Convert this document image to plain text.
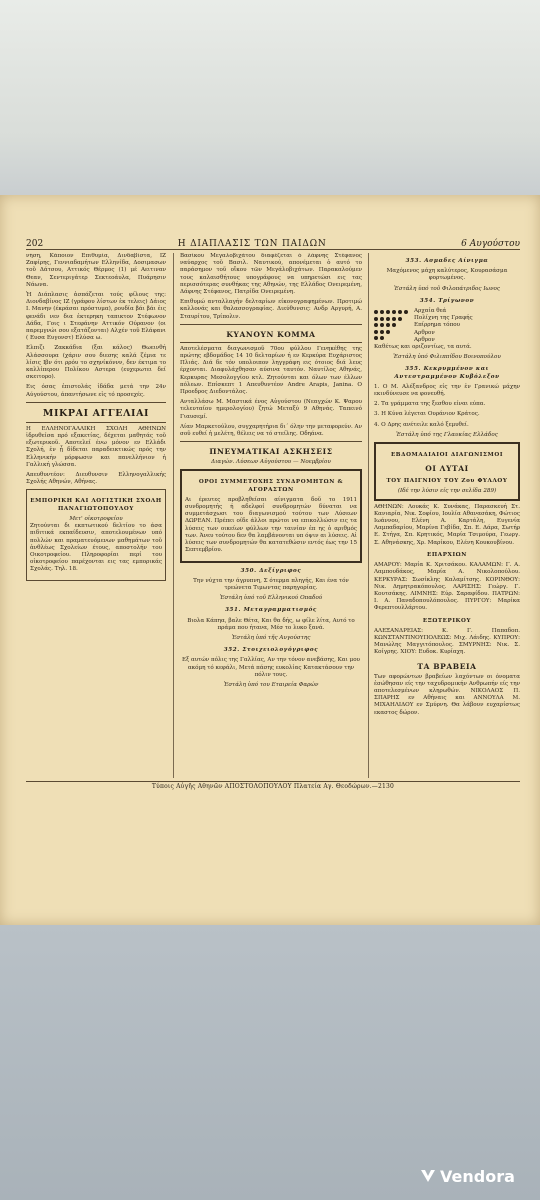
202	Η ΔΙΑΠΛΑΣΙΣ ΤΩΝ ΠΑΙΔΩΝ	6 Αυγούστου

νήση, Κάποιον Επιθυμία, Δινδαβίστα, ΙΖ Ζαφίρης, Γεννιαδαμήτων Ελληνίδα, Δοσιμασων τοῦ Δάτσου, Αττικός Θέρμος (1) μέ Αειτιναν Θεαν, Σεντεριγάτερ Σεκτεοάυλα, Πυάρησιν Νάωνα.

Ἡ Διάπλασις ἀσπάζεται τούς φίλους της: Διονδαβίνος ΙΖ (γράφου λίστων ἐκ τελεις) Δάιος Ι. Μανην (έκράσαι πρόστυμα), ρουδία βάι βάι ἐις φενάδι νεν δια ἐκτερηκη ταπικτον Στέφωνον Δάδα, Γοις ι Στεφάνην Αττικόν Ούρανον (οι παρεμγνώι σου εξατάζονται) Αλχέν τοῦ Ελάφανι ( Ευσα Ευγονστ) Ελύσα ω.

Ελπιζι Ζακκάδια (ξαι κάλος) Θωεινθή Αλάσσουρα (χάριν σου διεσης καλά ζέμια τε λίσις Ιβν ότι ρρόυ το σχηνίκόννν, δεν έκτιμα το καλλίπερου Πολίκου Αστερα (ευχερωτει δεί σκειτορο).

Εις όσας ἐπιστολάς ἰδάδα μετά την 24ν Αύγούστου, άπαντήσωνε εἰς τό προσεχές.

ΜΙΚΡΑΙ ΑΓΓΕΛΙΑΙ

Η ΕΛΛΗΝΟΓΑΛΛΙΚΗ ΣΧΟΛΗ ΑΘΗΝΩΝ ἱδρυθείσα πρό εξακετίας, δέχεται μαθητάς τοῦ εξωτερικοῦ. Αποτελεί ένω μόνον εν Ελλάδι Σχολή, ἐν ᾗ δίδεται παραδεικτικώς πρός την Ελληνικήν μόρφωσιν και πανελλήνιον ἡ Γαλλική γλώσσα.

Απευθυντέον: Διευθυνσιν Ελληνογαλλικής Σχολής Αθηνών, Αθήνας.

ΕΜΠΟΡΙΚΗ ΚΑΙ ΛΟΓΙΣΤΙΚΗ ΣΧΟΛΗ ΠΑΝΑΓΙΩΤΟΠΟΥΛΟΥ
Μετ' οἰκοτροφείου

Ζητούνται δι εκπτωτικού δελτίου το άσα πιδιτικά εκπαίδευσιν, αποτελουμένων υπό πολλών και πραματευόμενων μαθημάτων τοῦ ἀνθλέως Σχολείων έτους, αποστολήν του Οικοτροφείου. Πληροφορίαι περί του οἰκοτροφείου παρέχονται εις τας εμπορικάς Σχολάς. Τηλ. 18.

Βασίκου Μεγαλοβιχάτου διαφέζεται ὁ λάφνης Στέφανος ναύαρχος τοῦ Βασιλ. Ναυτικού, απονέμεται ὁ αυτό το παράσημον τοῦ οἴκου τῶν Μεγάλοβιχάτων. Παρακαλούμεν τους καλαισθήτους υπογράφους να υπηρετώσι εις τας περισσότερας συνθήκας της Αθηνών, της Ελλάδος Ονειρεμένη, Δάφνης Στέφανος, Πατρίδα Ονειρεμένη.

Επιθυμώ ανταλλαγήν δελταρίων είκονογραφημένων. Προτιμώ καλλονάς και θαλασσογραφίας. Διεύθυνσις: Ανδρ Αργυρή, Α. Σταυρίτου, Τρίπολιν.

ΚΥΑΝΟΥΝ ΚΟΜΜΑ

Αποτελέσματα διαγωνισμοῦ 70ου φύλλου Γενηκέθης της πρώτης εβδομάδος 14 10 δελταρίων ή εν Κερκύρα Ευχάριστος Πλιάς. Διά δε τόν υπολοιπον ληγγράφη εις ότοιος διά λευς έρχονται. Διαφυλάχθησαν αύσινα ταυτόν. Ναυτίλος Αθηνάς, Κερκυρας Μεσολογγίου κτλ. Ζητούνται και όλων των έλλων πόλεων. Επίσκεπτ 1 Απευθυντέον Andre Arapis, Janina. Ο Προεδρος Διεδοντάλος.

Ανταλλάσω Μ. Μαστικά ένος Αὐγούστου (Νεαγχών Κ. Ψαρου τελευταίου ημερολογίου) ζητώ Μεταξύ 9 Αθηνάς. Ταπεινό Γιαυσεμί.

Λίαν Μαρκετούλου, συγχαρητήρια δι΄ όλην την μεταφορεύν. Αν σοῦ ευθεί ἡ μελέτη, θέλεις να τό στείλης. Οδηάνα.

ΠΝΕΥΜΑΤΙΚΑΙ ΑΣΚΗΣΕΙΣ
Διαγών. Λύσεων Αὐγούστου — Νοεμβρίου
ΟΡΟΙ ΣΥΜΜΕΤΟΧΗΣ ΣΥΝΔΡΟΜΗΤΩΝ & ΑΓΟΡΑΣΤΩΝ

Αι έρευτες προβληθείσαι αίνιγματα δοῦ το 1911 συνδρομητής ή αδελφοί συνδρομητών δύναται να συμμετάσχωσι του διαγωνισμού τούτου των Λύσεων ΔΩΡΕΑΝ. Πρέπει οίδε άλλοι πρώτοι να επικολλώσιν εις τα λύσεις των οικείων φύλλων την ταινίαν ἐπ ης ὁ αριθμός των. Άνευ τούτου δεν θα λαμβάνονται υπ όψιν αι λύσεις. Αἱ λύσεις των συνδρομητών θα κατατεθώσιν εντός έως την 15 Σεπτεμβρίου.

350. Δεξίγριφος

Την νύχτα την άγρυπνη, Σ ότερμα πληγής, Και ένα τόν τρεώνετα Τιμωντας παρηγορίας.

Ἐστάλη ὑπό τοῦ Ελληνικού Οπαδού

351. Μεταγραμματισμός

Βιολα Κάπηα, βαλε Θέτα, Και θα δής, ω φίλε λίτα, Αυτό το πράμα που ήτανα, Μέσ το λυκο ξανά.

Ἐστάλη ὑπό τῆς Αυγούστης

352. Στοιχειολογόγριφος

Εξ αυτών πόλις της Γαλλίας, Αν την τόνον ανεβάσης, Και μου ακόμη τό κεφάλι, Μετά πάσης ευκολίας Κατακτάσουν την πόλιν τους.

Ἐστάλη ὑπό του Εταιρεία Φαρών

353. Ασμαδες Αίνιγμα

Μαχόμενος μάχη καλύτερος, Κουρασάσμα φορτωμένος.

Ἐστάλη ὑπό τοῦ Φιλοπάτριδος Ιωνος

354. Τρίγωνον
Αρχαία θεά
Πολίχνη της Γραφής
Επίρρημα τόπου
Αρθρον
Αρθρον

Καθέτως και οριζοντίως, τα αυτά.

Ἐστάλη ὑπό Φιλιππίδου Βοινοπούλου

355. Κεκρυμμένον και Αντεστραμμένον Κυβόλεξον

1. Ο Μ. Αλέξανδρος είς την ἐν Γρανικώ μάχην εκινδύνευσε να φονευθή.

2. Τα γράμματα της ξεσθου είναι εύπα.

3. Η Κύνα λέγεται Ουράνιον Κράτος.

4. Ο Δρης ανέτειλε καλό ξεμυθεί.

Ἐστάλη ὑπό της Γλαυκίας Ελλάδος

ΕΒΔΟΜΑΔΙΑΙΟΙ ΔΙΑΓΩΝΙΣΜΟΙ
ΟΙ ΛΥΤΑΙ
ΤΟΥ ΠΑΙΓΝΙΟΥ ΤΟΥ Ζου ΦΥΛΛΟΥ
(Ιδέ την λύσιν είς την σελίδα 289)

ΑΘΗΝΩΝ: Λουκάς Κ. Συνάκας, Παρασκευή Στ. Κανιαρία, Νικ. Σοφίου, Ιουλία Αθανασάκη, Φώτιος Ιωάννου, Ελένη Α. Καρτάλη, Ευγενία Λαμπαδαρίου, Μαρίνα Γεβίδα, Σπ. Ε. Δάρα, Σωτήρ Ε. Στήγα, Σπ. Κρητικός, Μαρία Τσιμούρα, Γεωργ. Σ. Αθηνάσκης, Χρ. Μαρίκου, Ελένη Κουκουβίνου.

ΕΠΑΡΧΙΩΝ

ΑΜΑΡΟΥ: Μαρία Κ. Χριτσάκου. ΚΑΛΑΜΩΝ: Γ. Α. Λαμπουδάκος, Μαρία Α. Νικολοπούλου. ΚΕΡΚΥΡΑΣ: Σωσίκλης Καλαμίτσης. ΚΟΡΙΝΘΟΥ: Νικ. Δημητρακόπουλος. ΛΑΡΙΣΗΣ: Γεώργ. Γ. Κουτσάκης. ΛΙΜΝΗΣ: Εύρ. Σαραφίδου. ΠΑΤΡΩΝ: Ι. Α. Παναδοπουλόπουλος. ΠΥΡΓΟΥ: Μαρίκα Φερεπτουλλάρτου.

ΕΞΩΤΕΡΙΚΟΥ

ΑΛΕΞΑΝΔΡΕΙΑΣ: Κ. Γ. Παπαδοπ. ΚΩΝΣΤΑΝΤΙΝΟΥΠΟΛΕΩΣ: Μιχ. Λάιδης. ΚΥΠΡΟΥ: Μανώλης Μαγγιτόπουλος. ΣΜΥΡΝΗΣ: Νικ. Σ. Κοίγρης. ΧΙΟΥ: Ευδοκ. Κυρίαχη.

ΤΑ ΒΡΑΒΕΙΑ

Των αφορώντων βραβείων λαχόντων οι όνοματα ἐσώθησαν είς την ταχυδρομικήν Ανθρωπήν είς την αποτελεσμένων κληρωθών. ΝΙΚΟΛΑΟΣ Π. ΣΠΑΡΗΣ εν Αθήναις και ΑΝΝΟΥΛΑ Μ. ΜΙΧΑΗΛΙΔΟΥ εν Σμύρνη. Θα λάβουν ευχαρίστως εκαστος δώρον.

Τύποις Αὐγῆς Αθηνῶν ΑΠΟΣΤΟΛΟΠΟΥΛΟΥ Πλατεία Αγ. Θεοδώρων.—2130
Vendora
